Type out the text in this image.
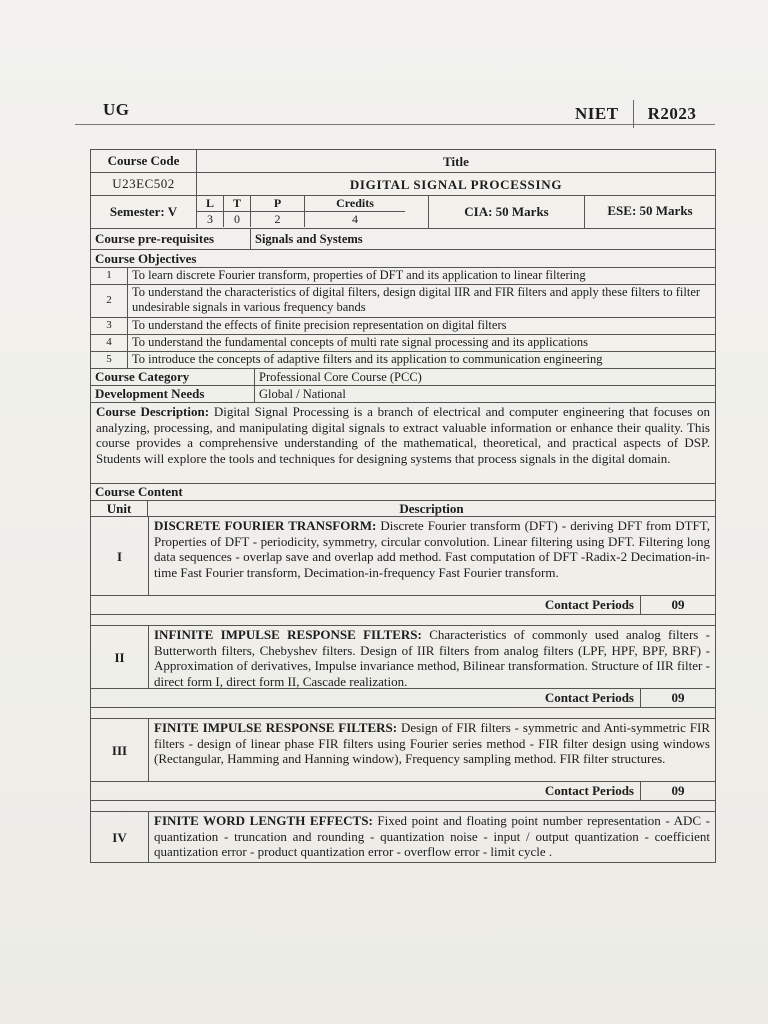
UG	NIET R2023
Course Code	Title
U23EC502	DIGITAL SIGNAL PROCESSING
Semester: V
L	T	P	Credits
3	0	2	4	CIA: 50 Marks	ESE: 50 Marks
Course pre-requisites	Signals and Systems
Course Objectives
1	To learn discrete Fourier transform, properties of DFT and its application to linear filtering
2
To understand the characteristics of digital filters, design digital IIR and FIR filters and apply these filters to filter undesirable signals in various frequency bands
3	To understand the effects of finite precision representation on digital filters
4	To understand the fundamental concepts of multi rate signal processing and its applications
5	To introduce the concepts of adaptive filters and its application to communication engineering
Course Category	Professional Core Course (PCC)
Development Needs	Global / National
Course Description: Digital Signal Processing is a branch of electrical and computer engineering that focuses on analyzing, processing, and manipulating digital signals to extract valuable information or enhance their quality. This course provides a comprehensive understanding of the mathematical, theoretical, and practical aspects of DSP. Students will explore the tools and techniques for designing systems that process signals in the digital domain.
Course Content
Unit	Description
I
DISCRETE FOURIER TRANSFORM: Discrete Fourier transform (DFT) - deriving DFT from DTFT, Properties of DFT - periodicity, symmetry, circular convolution. Linear filtering using DFT. Filtering long data sequences - overlap save and overlap add method. Fast computation of DFT -Radix-2 Decimation-in-time Fast Fourier transform, Decimation-in-frequency Fast Fourier transform.
Contact Periods	09
II
INFINITE IMPULSE RESPONSE FILTERS: Characteristics of commonly used analog filters - Butterworth filters, Chebyshev filters. Design of IIR filters from analog filters (LPF, HPF, BPF, BRF) - Approximation of derivatives, Impulse invariance method, Bilinear transformation. Structure of IIR filter - direct form I, direct form II, Cascade realization.
Contact Periods	09
III
FINITE IMPULSE RESPONSE FILTERS: Design of FIR filters - symmetric and Anti-symmetric FIR filters - design of linear phase FIR filters using Fourier series method - FIR filter design using windows (Rectangular, Hamming and Hanning window), Frequency sampling method. FIR filter structures.
Contact Periods	09
IV
FINITE WORD LENGTH EFFECTS: Fixed point and floating point number representation - ADC - quantization - truncation and rounding - quantization noise - input / output quantization - coefficient quantization error - product quantization error - overflow error - limit cycle .
